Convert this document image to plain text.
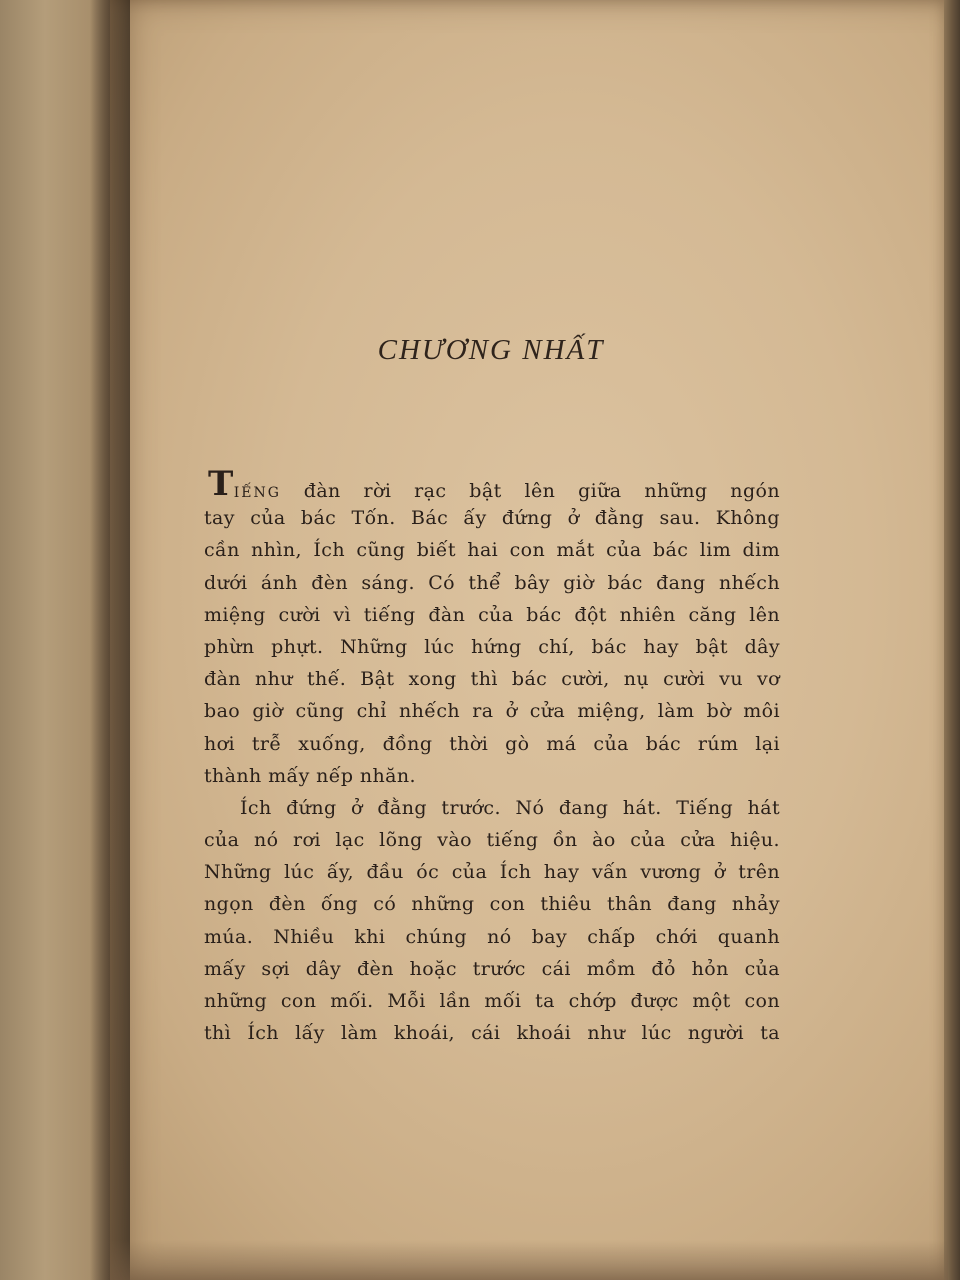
CHƯƠNG NHẤT
TIẾNG đàn rời rạc bật lên giữa những ngón
tay của bác Tốn. Bác ấy đứng ở đằng sau. Không
cần nhìn, Ích cũng biết hai con mắt của bác lim dim
dưới ánh đèn sáng. Có thể bây giờ bác đang nhếch
miệng cười vì tiếng đàn của bác đột nhiên căng lên
phừn phựt. Những lúc hứng chí, bác hay bật dây
đàn như thế. Bật xong thì bác cười, nụ cười vu vơ
bao giờ cũng chỉ nhếch ra ở cửa miệng, làm bờ môi
hơi trễ xuống, đồng thời gò má của bác rúm lại
thành mấy nếp nhăn.
Ích đứng ở đằng trước. Nó đang hát. Tiếng hát
của nó rơi lạc lõng vào tiếng ồn ào của cửa hiệu.
Những lúc ấy, đầu óc của Ích hay vấn vương ở trên
ngọn đèn ống có những con thiêu thân đang nhảy
múa. Nhiều khi chúng nó bay chấp chới quanh
mấy sợi dây đèn hoặc trước cái mồm đỏ hỏn của
những con mối. Mỗi lần mối ta chớp được một con
thì Ích lấy làm khoái, cái khoái như lúc người ta
